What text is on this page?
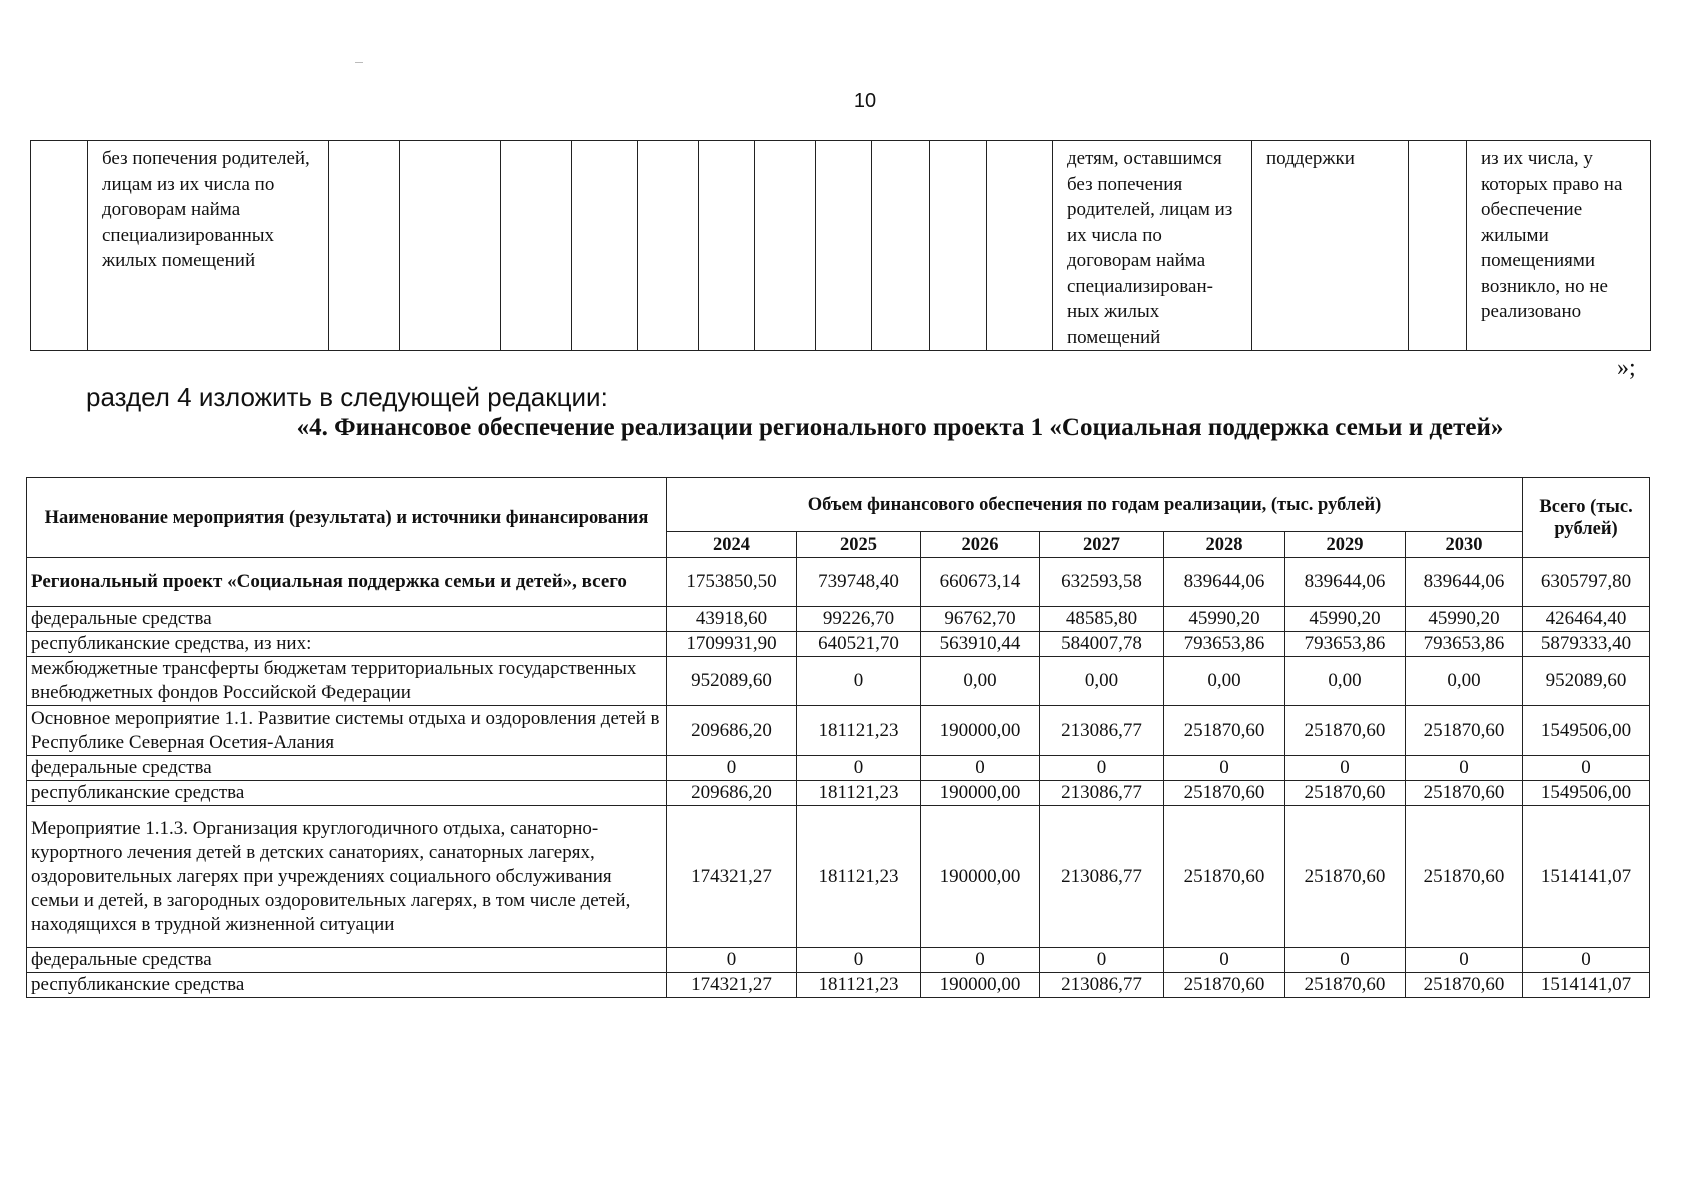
10
	без попечения родителей, лицам из их числа по договорам найма специализированных жилых помещений												детям, оставшимся без попечения родителей, лицам из их числа по договорам найма специализирован-ных жилых помещений	поддержки		из их числа, у которых право на обеспечение жилыми помещениями возникло, но не реализовано
»;
раздел 4 изложить в следующей редакции:
«4. Финансовое обеспечение реализации регионального проекта 1 «Социальная поддержка семьи и детей»
Наименование мероприятия (результата) и источники финансирования	Объем финансового обеспечения по годам реализации, (тыс. рублей)							Всего (тыс. рублей)
	2024	2025	2026	2027	2028	2029	2030	
Региональный проект «Социальная поддержка семьи и детей», всего	1753850,50	739748,40	660673,14	632593,58	839644,06	839644,06	839644,06	6305797,80
федеральные средства	43918,60	99226,70	96762,70	48585,80	45990,20	45990,20	45990,20	426464,40
республиканские средства, из них:	1709931,90	640521,70	563910,44	584007,78	793653,86	793653,86	793653,86	5879333,40
межбюджетные трансферты бюджетам территориальных государственных внебюджетных фондов Российской Федерации	952089,60	0	0,00	0,00	0,00	0,00	0,00	952089,60
Основное мероприятие 1.1. Развитие системы отдыха и оздоровления детей в Республике Северная Осетия-Алания	209686,20	181121,23	190000,00	213086,77	251870,60	251870,60	251870,60	1549506,00
федеральные средства	0	0	0	0	0	0	0	0
республиканские средства	209686,20	181121,23	190000,00	213086,77	251870,60	251870,60	251870,60	1549506,00
Мероприятие 1.1.3. Организация круглогодичного отдыха, санаторно-курортного лечения детей в детских санаториях, санаторных лагерях, оздоровительных лагерях при учреждениях социального обслуживания семьи и детей, в загородных оздоровительных лагерях, в том числе детей, находящихся в трудной жизненной ситуации	174321,27	181121,23	190000,00	213086,77	251870,60	251870,60	251870,60	1514141,07
федеральные средства	0	0	0	0	0	0	0	0
республиканские средства	174321,27	181121,23	190000,00	213086,77	251870,60	251870,60	251870,60	1514141,07
